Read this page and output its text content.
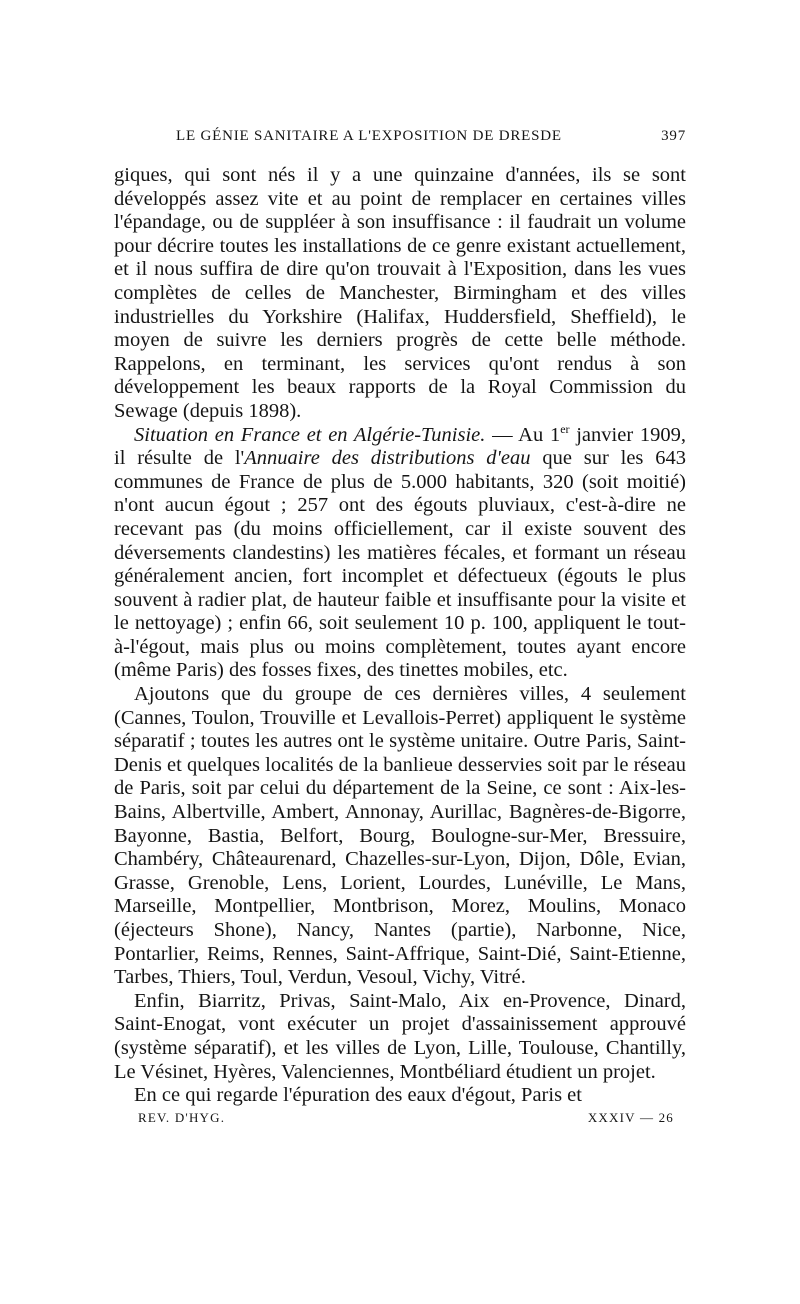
LE GÉNIE SANITAIRE A L'EXPOSITION DE DRESDE	397

giques, qui sont nés il y a une quinzaine d'années, ils se sont développés assez vite et au point de remplacer en certaines villes l'épandage, ou de suppléer à son insuffisance : il faudrait un volume pour décrire toutes les installations de ce genre existant actuellement, et il nous suffira de dire qu'on trouvait à l'Exposition, dans les vues complètes de celles de Manchester, Birmingham et des villes industrielles du Yorkshire (Halifax, Huddersfield, Sheffield), le moyen de suivre les derniers progrès de cette belle méthode. Rappelons, en terminant, les services qu'ont rendus à son développement les beaux rapports de la Royal Commission du Sewage (depuis 1898).

Situation en France et en Algérie-Tunisie. — Au 1er janvier 1909, il résulte de l'Annuaire des distributions d'eau que sur les 643 communes de France de plus de 5.000 habitants, 320 (soit moitié) n'ont aucun égout ; 257 ont des égouts pluviaux, c'est-à-dire ne recevant pas (du moins officiellement, car il existe souvent des déversements clandestins) les matières fécales, et formant un réseau généralement ancien, fort incomplet et défectueux (égouts le plus souvent à radier plat, de hauteur faible et insuffisante pour la visite et le nettoyage) ; enfin 66, soit seulement 10 p. 100, appliquent le tout-à-l'égout, mais plus ou moins complètement, toutes ayant encore (même Paris) des fosses fixes, des tinettes mobiles, etc.

Ajoutons que du groupe de ces dernières villes, 4 seulement (Cannes, Toulon, Trouville et Levallois-Perret) appliquent le système séparatif ; toutes les autres ont le système unitaire. Outre Paris, Saint-Denis et quelques localités de la banlieue desservies soit par le réseau de Paris, soit par celui du département de la Seine, ce sont : Aix-les-Bains, Albertville, Ambert, Annonay, Aurillac, Bagnères-de-Bigorre, Bayonne, Bastia, Belfort, Bourg, Boulogne-sur-Mer, Bressuire, Chambéry, Châteaurenard, Chazelles-sur-Lyon, Dijon, Dôle, Evian, Grasse, Grenoble, Lens, Lorient, Lourdes, Lunéville, Le Mans, Marseille, Montpellier, Montbrison, Morez, Moulins, Monaco (éjecteurs Shone), Nancy, Nantes (partie), Narbonne, Nice, Pontarlier, Reims, Rennes, Saint-Affrique, Saint-Dié, Saint-Etienne, Tarbes, Thiers, Toul, Verdun, Vesoul, Vichy, Vitré.

Enfin, Biarritz, Privas, Saint-Malo, Aix en-Provence, Dinard, Saint-Enogat, vont exécuter un projet d'assainissement approuvé (système séparatif), et les villes de Lyon, Lille, Toulouse, Chantilly, Le Vésinet, Hyères, Valenciennes, Montbéliard étudient un projet.

En ce qui regarde l'épuration des eaux d'égout, Paris et

REV. D'HYG.	XXXIV — 26
